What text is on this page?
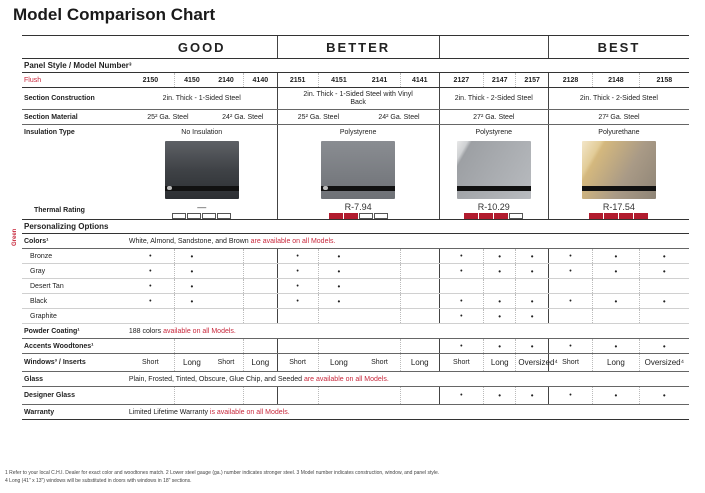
Model Comparison Chart
Green
	GOOD				BETTER							BEST		
Panel Style / Model Number³														
Flush	2150	4150	2140	4140	2151	4151	2141	4141	2127	2147	2157	2128	2148	2158
Section Construction	2in. Thick - 1-Sided Steel				2in. Thick - 1-Sided Steel with Vinyl Back				2in. Thick - 2-Sided Steel			2in. Thick - 2-Sided Steel		
Section Material	25² Ga. Steel		24² Ga. Steel		25² Ga. Steel		24² Ga. Steel		27² Ga. Steel			27² Ga. Steel		
Insulation Type	No Insulation				Polystyrene				Polystyrene			Polyurethane		

Thermal Rating	—				R-7.94				R-10.29			R-17.54		

Personalizing Options														
Colors¹	White, Almond, Sandstone, and Brown are available on all Models.													
Bronze	•	•			•	•			•	•	•	•	•	•
Gray	•	•			•	•			•	•	•	•	•	•
Desert Tan	•	•			•	•								
Black	•	•			•	•			•	•	•	•	•	•
Graphite									•	•	•			
Powder Coating¹	188 colors available on all Models.													
Accents Woodtones¹									•	•	•	•	•	•
Windows³ / Inserts	Short	Long	Short	Long	Short	Long	Short	Long	Short	Long	Oversized⁴	Short	Long	Oversized⁴
Glass	Plain, Frosted, Tinted, Obscure, Glue Chip, and Seeded are available on all Models.													
Designer Glass									•	•	•	•	•	•
Warranty	Limited Lifetime Warranty is available on all Models.													
1 Refer to your local C.H.I. Dealer for exact color and woodtones match. 2 Lower steel gauge (ga.) number indicates stronger steel. 3 Model number indicates construction, window, and panel style.
4 Long (41" x 13") windows will be substituted in doors with windows in 18" sections.
